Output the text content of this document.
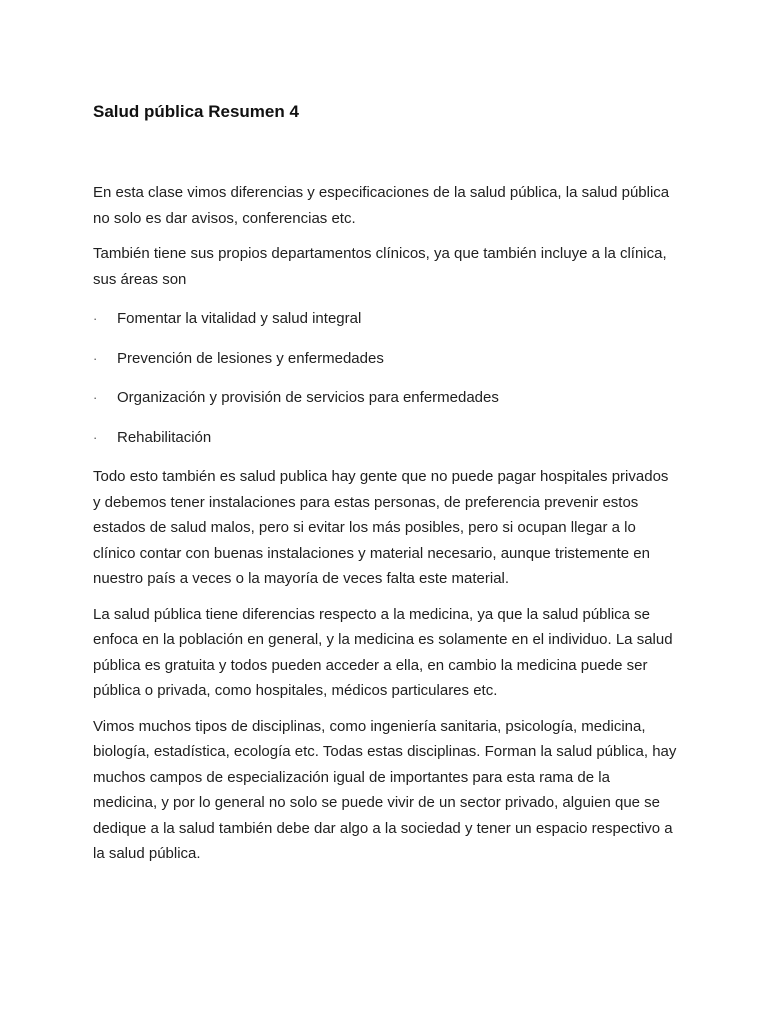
Salud pública Resumen 4

En esta clase vimos diferencias y especificaciones de la salud pública, la salud pública no solo es dar avisos, conferencias etc.

También tiene sus propios departamentos clínicos, ya que también incluye a la clínica, sus áreas son

·	Fomentar la vitalidad y salud integral
·	Prevención de lesiones y enfermedades
·	Organización y provisión de servicios para enfermedades
·	Rehabilitación

Todo esto también es salud publica hay gente que no puede pagar hospitales privados y debemos tener instalaciones para estas personas, de preferencia prevenir estos estados de salud malos, pero si evitar los más posibles, pero si ocupan llegar a lo clínico contar con buenas instalaciones y material necesario, aunque tristemente en nuestro país a veces o la mayoría de veces falta este material.

La salud pública tiene diferencias respecto a la medicina, ya que la salud pública se enfoca en la población en general, y la medicina es solamente en el individuo. La salud pública es gratuita y todos pueden acceder a ella, en cambio la medicina puede ser pública o privada, como hospitales, médicos particulares etc.

Vimos muchos tipos de disciplinas, como ingeniería sanitaria, psicología, medicina, biología, estadística, ecología etc. Todas estas disciplinas. Forman la salud pública, hay muchos campos de especialización igual de importantes para esta rama de la medicina, y por lo general no solo se puede vivir de un sector privado, alguien que se dedique a la salud también debe dar algo a la sociedad y tener un espacio respectivo a la salud pública.
